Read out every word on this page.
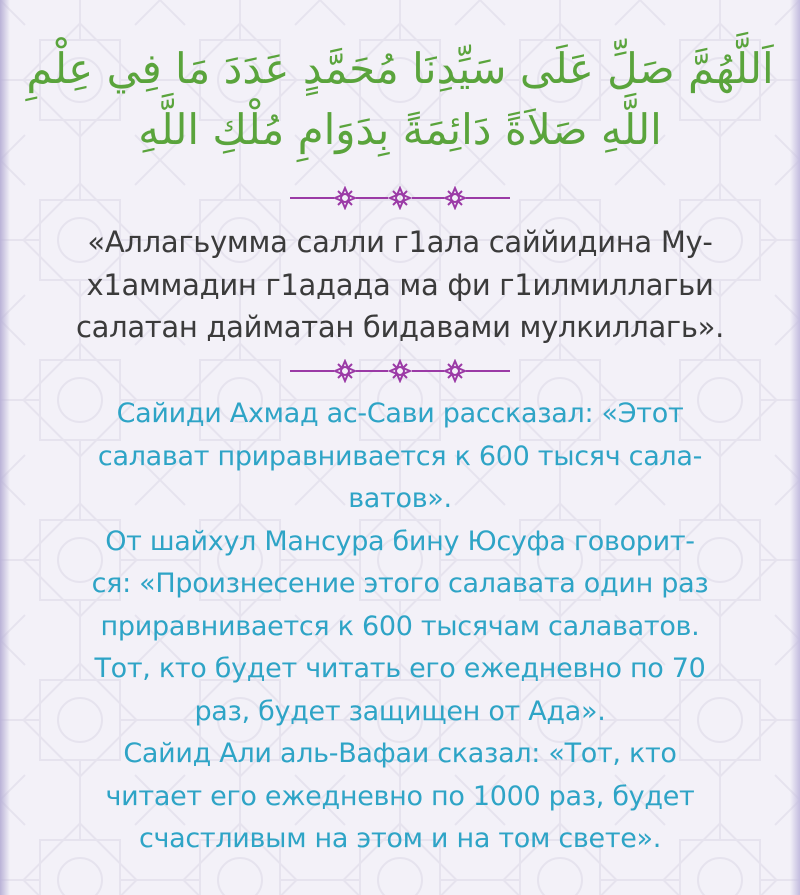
اَللَّهُمَّ صَلِّ عَلَى سَيِّدِنَا مُحَمَّدٍ عَدَدَ مَا فِي عِلْمِ

اللَّهِ صَلاَةً دَائِمَةً بِدَوَامِ مُلْكِ اللَّهِ

«Аллагьумма салли г1ала саййидина Му-
х1аммадин г1адада ма фи г1илмиллагьи
салатан дайматан бидавами мулкиллагь».
Сайиди Ахмад ас-Сави рассказал: «Этот
салават приравнивается к 600 тысяч сала-
ватов».
От шайхул Мансура бину Юсуфа говорит-
ся: «Произнесение этого салавата один раз
приравнивается к 600 тысячам салаватов.
Тот, кто будет читать его ежедневно по 70
раз, будет защищен от Ада».
Сайид Али аль-Вафаи сказал: «Тот, кто
читает его ежедневно по 1000 раз, будет
счастливым на этом и на том свете».
